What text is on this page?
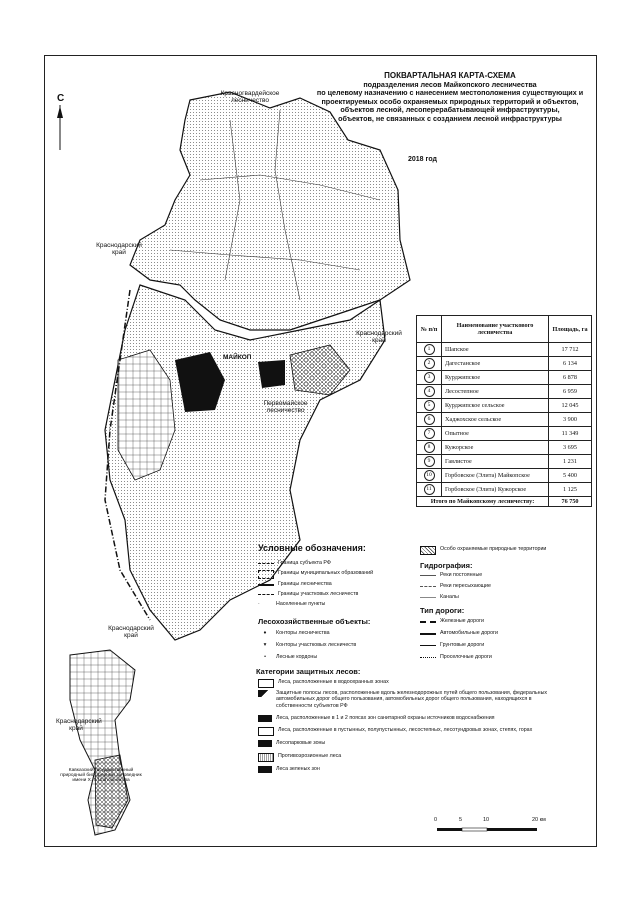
С
ПОКВАРТАЛЬНАЯ КАРТА-СХЕМА
подразделения лесов Майкопского лесничества
по целевому назначению с нанесением местоположения существующих и
проектируемых особо охраняемых природных территорий и объектов,
объектов лесной, лесоперерабатывающей инфраструктуры,
объектов, не связанных с созданием лесной инфраструктуры
2018 год
Красногвардейское лесничество
Краснодарский край
Краснодарский край
Краснодарский край
Краснодарский край
Первомайское лесничество
МАЙКОП
Кавказский государственный природный биосферный заповедник имени Х. Г. Шапошникова
№ п/п	Наименование участкового лесничества	Площадь, га
1	Шапское	17 712
2	Дагестанское	6 134
3	Курджипское	6 878
4	Лесостепное	6 959
5	Курджипское сельское	12 045
6	Хаджохское сельское	3 900
7	Опытное	11 349
8	Кужорское	3 695
9	Гавлистое	1 231
10	Горбовское (Элита) Майкопское	5 400
11	Горбовское (Элита) Кужорское	1 125
Итого по Майкопскому лесничеству:		76 750
Условные обозначения:
Граница субъекта РФ
Границы муниципальных образований
Границы лесничества
Границы участковых лесничеств
·	Населенные пункты
Особо охраняемые природные территории
Гидрография:
Реки постоянные
Реки пересыхающие
Каналы
Тип дороги:
Железные дороги
Автомобильные дороги
Грунтовые дороги
Проселочные дороги
Лесохозяйственные объекты:
♦	Конторы лесничества
▾	Конторы участковых лесничеств
•	Лесные кордоны
Категории защитных лесов:
Леса, расположенные в водоохранных зонах
Защитные полосы лесов, расположенные вдоль железнодорожных путей общего пользования, федеральных автомобильных дорог общего пользования, автомобильных дорог общего пользования, находящихся в собственности субъектов РФ
Леса, расположенные в 1 и 2 поясах зон санитарной охраны источников водоснабжения
Леса, расположенные в пустынных, полупустынных, лесостепных, лесотундровых зонах, степях, горах
Лесопарковые зоны
Противоэрозионные леса
Леса зеленых зон
0	5	10	20 км
